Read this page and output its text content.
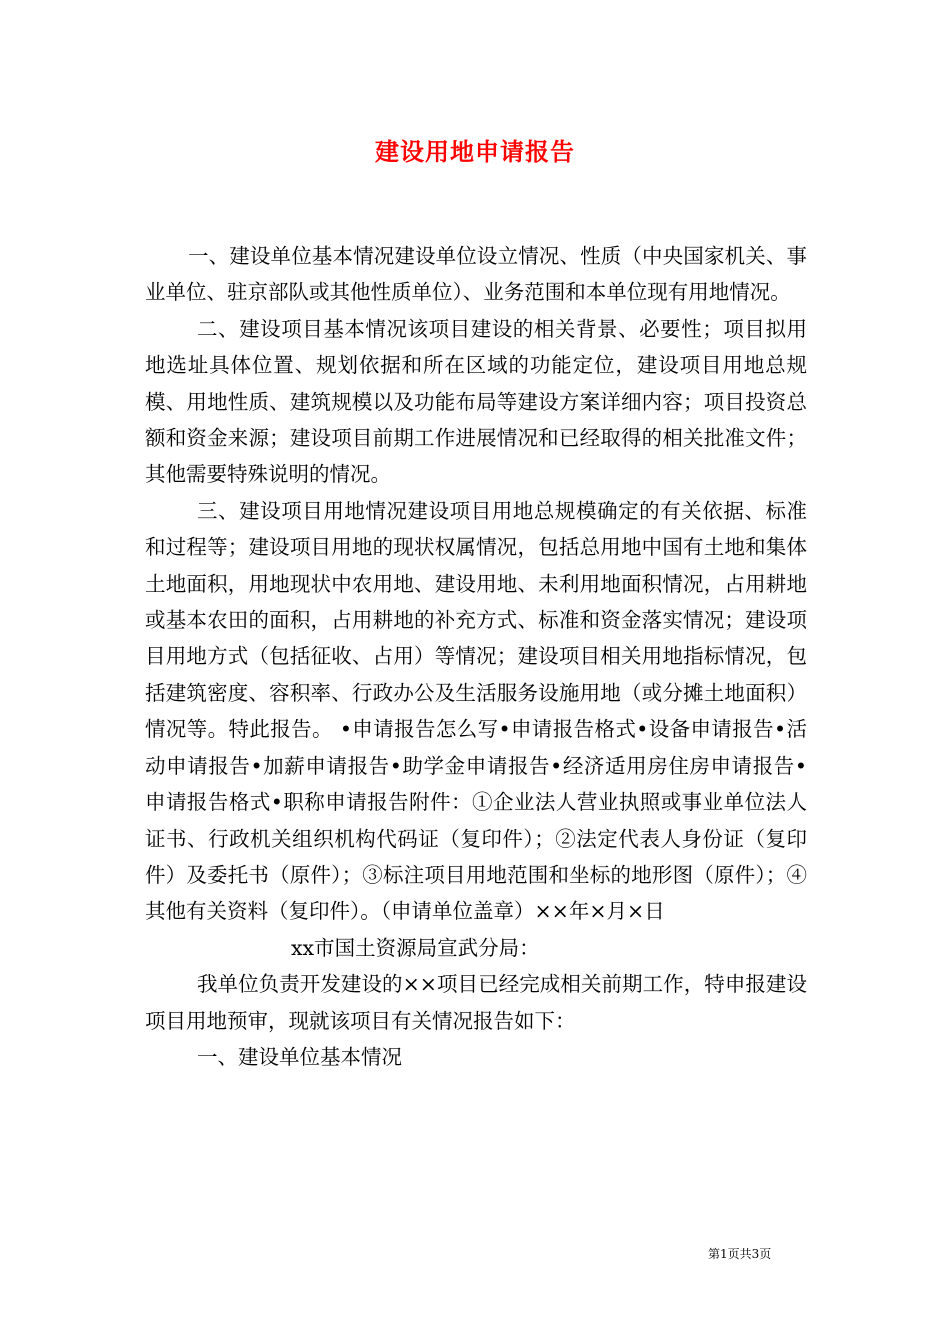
建设用地申请报告

一、建设单位基本情况建设单位设立情况、性质（中央国家机关、事业单位、驻京部队或其他性质单位）、业务范围和本单位现有用地情况。

二、建设项目基本情况该项目建设的相关背景、必要性；项目拟用地选址具体位置、规划依据和所在区域的功能定位，建设项目用地总规模、用地性质、建筑规模以及功能布局等建设方案详细内容；项目投资总额和资金来源；建设项目前期工作进展情况和已经取得的相关批准文件；其他需要特殊说明的情况。

三、建设项目用地情况建设项目用地总规模确定的有关依据、标准和过程等；建设项目用地的现状权属情况，包括总用地中国有土地和集体土地面积，用地现状中农用地、建设用地、未利用地面积情况，占用耕地或基本农田的面积，占用耕地的补充方式、标准和资金落实情况；建设项目用地方式（包括征收、占用）等情况；建设项目相关用地指标情况，包括建筑密度、容积率、行政办公及生活服务设施用地（或分摊土地面积）情况等。特此报告。 •申请报告怎么写•申请报告格式•设备申请报告•活动申请报告•加薪申请报告•助学金申请报告•经济适用房住房申请报告•申请报告格式•职称申请报告附件：①企业法人营业执照或事业单位法人证书、行政机关组织机构代码证（复印件）；②法定代表人身份证（复印件）及委托书（原件）；③标注项目用地范围和坐标的地形图（原件）；④其他有关资料（复印件）。（申请单位盖章）××年×月×日

xx市国土资源局宣武分局：

我单位负责开发建设的××项目已经完成相关前期工作，特申报建设项目用地预审，现就该项目有关情况报告如下：

一、建设单位基本情况

第1页共3页
